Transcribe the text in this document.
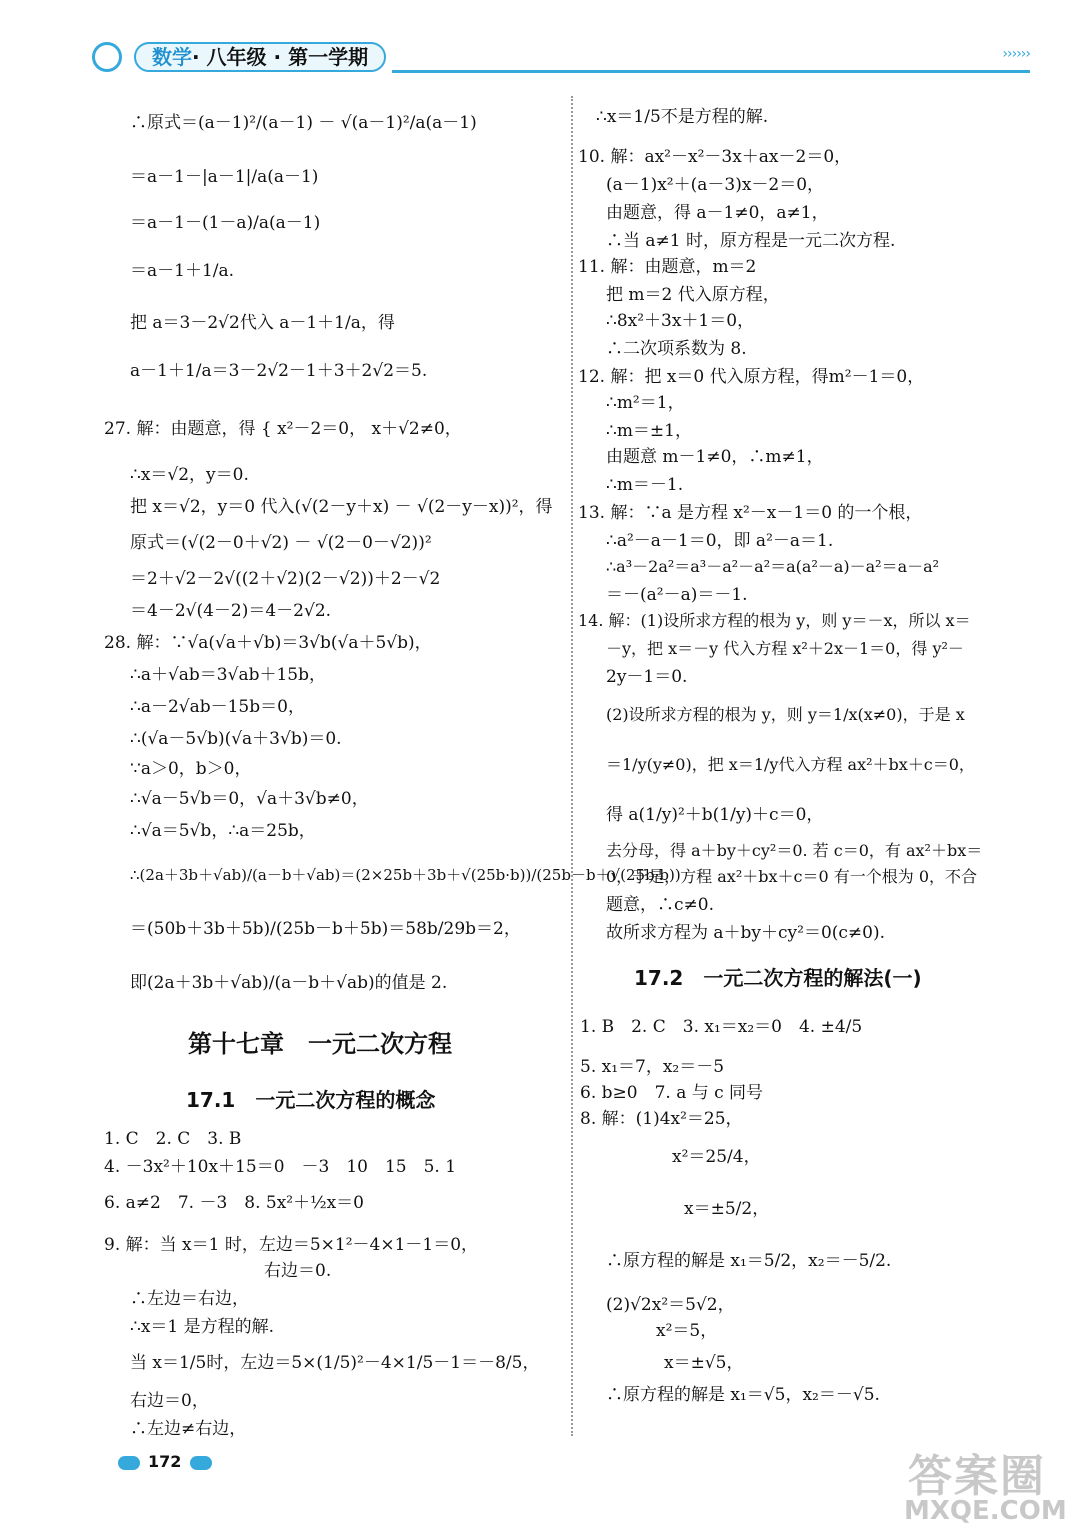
数学· 八年级 · 第一学期	››››››
∴原式＝(a－1)²/(a－1) － √(a－1)²/a(a－1)
＝a－1－|a－1|/a(a－1)
＝a－1－(1－a)/a(a－1)
＝a－1＋1/a.
把 a＝3－2√2代入 a－1＋1/a，得
a－1＋1/a＝3－2√2－1＋3＋2√2＝5.
27. 解：由题意，得 { x²－2＝0， x＋√2≠0，
∴x＝√2，y＝0.
把 x＝√2，y＝0 代入(√(2－y＋x) － √(2－y－x))²，得
原式＝(√(2－0＋√2) － √(2－0－√2))²
＝2＋√2－2√((2＋√2)(2－√2))＋2－√2
＝4－2√(4－2)＝4－2√2.
28. 解：∵√a(√a＋√b)＝3√b(√a＋5√b)，
∴a＋√ab＝3√ab＋15b，
∴a－2√ab－15b＝0，
∴(√a－5√b)(√a＋3√b)＝0.
∵a＞0，b＞0，
∴√a－5√b＝0，√a＋3√b≠0，
∴√a＝5√b，∴a＝25b，
∴(2a＋3b＋√ab)/(a－b＋√ab)＝(2×25b＋3b＋√(25b·b))/(25b－b＋√(25b·b))
＝(50b＋3b＋5b)/(25b－b＋5b)＝58b/29b＝2，
即(2a＋3b＋√ab)/(a－b＋√ab)的值是 2.
第十七章　一元二次方程
17.1　一元二次方程的概念
1. C　2. C　3. B
4. －3x²＋10x＋15＝0　－3　10　15　5. 1
6. a≠2　7. －3　8. 5x²＋½x＝0
9. 解：当 x＝1 时，左边＝5×1²－4×1－1＝0，
右边＝0.
∴左边＝右边，
∴x＝1 是方程的解.
当 x＝1/5时，左边＝5×(1/5)²－4×1/5－1＝－8/5，
右边＝0，
∴左边≠右边，
∴x＝1/5不是方程的解.
10. 解：ax²－x²－3x＋ax－2＝0，
(a－1)x²＋(a－3)x－2＝0，
由题意，得 a－1≠0，a≠1，
∴当 a≠1 时，原方程是一元二次方程.
11. 解：由题意，m＝2
把 m＝2 代入原方程，
∴8x²＋3x＋1＝0，
∴二次项系数为 8.
12. 解：把 x＝0 代入原方程，得m²－1＝0，
∴m²＝1，
∴m＝±1，
由题意 m－1≠0，∴m≠1，
∴m＝－1.
13. 解：∵a 是方程 x²－x－1＝0 的一个根，
∴a²－a－1＝0，即 a²－a＝1.
∴a³－2a²＝a³－a²－a²＝a(a²－a)－a²＝a－a²
＝－(a²－a)＝－1.
14. 解：(1)设所求方程的根为 y，则 y＝－x，所以 x＝
－y，把 x＝－y 代入方程 x²＋2x－1＝0，得 y²－
2y－1＝0.
(2)设所求方程的根为 y，则 y＝1/x(x≠0)，于是 x
＝1/y(y≠0)，把 x＝1/y代入方程 ax²＋bx＋c＝0，
得 a(1/y)²＋b(1/y)＋c＝0，
去分母，得 a＋by＋cy²＝0. 若 c＝0，有 ax²＋bx＝
0，于是，方程 ax²＋bx＋c＝0 有一个根为 0，不合
题意，∴c≠0.
故所求方程为 a＋by＋cy²＝0(c≠0).
17.2　一元二次方程的解法(一)
1. B　2. C　3. x₁＝x₂＝0　4. ±4/5
5. x₁＝7，x₂＝－5
6. b≥0　7. a 与 c 同号
8. 解：(1)4x²＝25，
x²＝25/4，
x＝±5/2，
∴原方程的解是 x₁＝5/2，x₂＝－5/2.
(2)√2x²＝5√2，
x²＝5，
x＝±√5，
∴原方程的解是 x₁＝√5，x₂＝－√5.
172	答案圈
MXQE.COM
